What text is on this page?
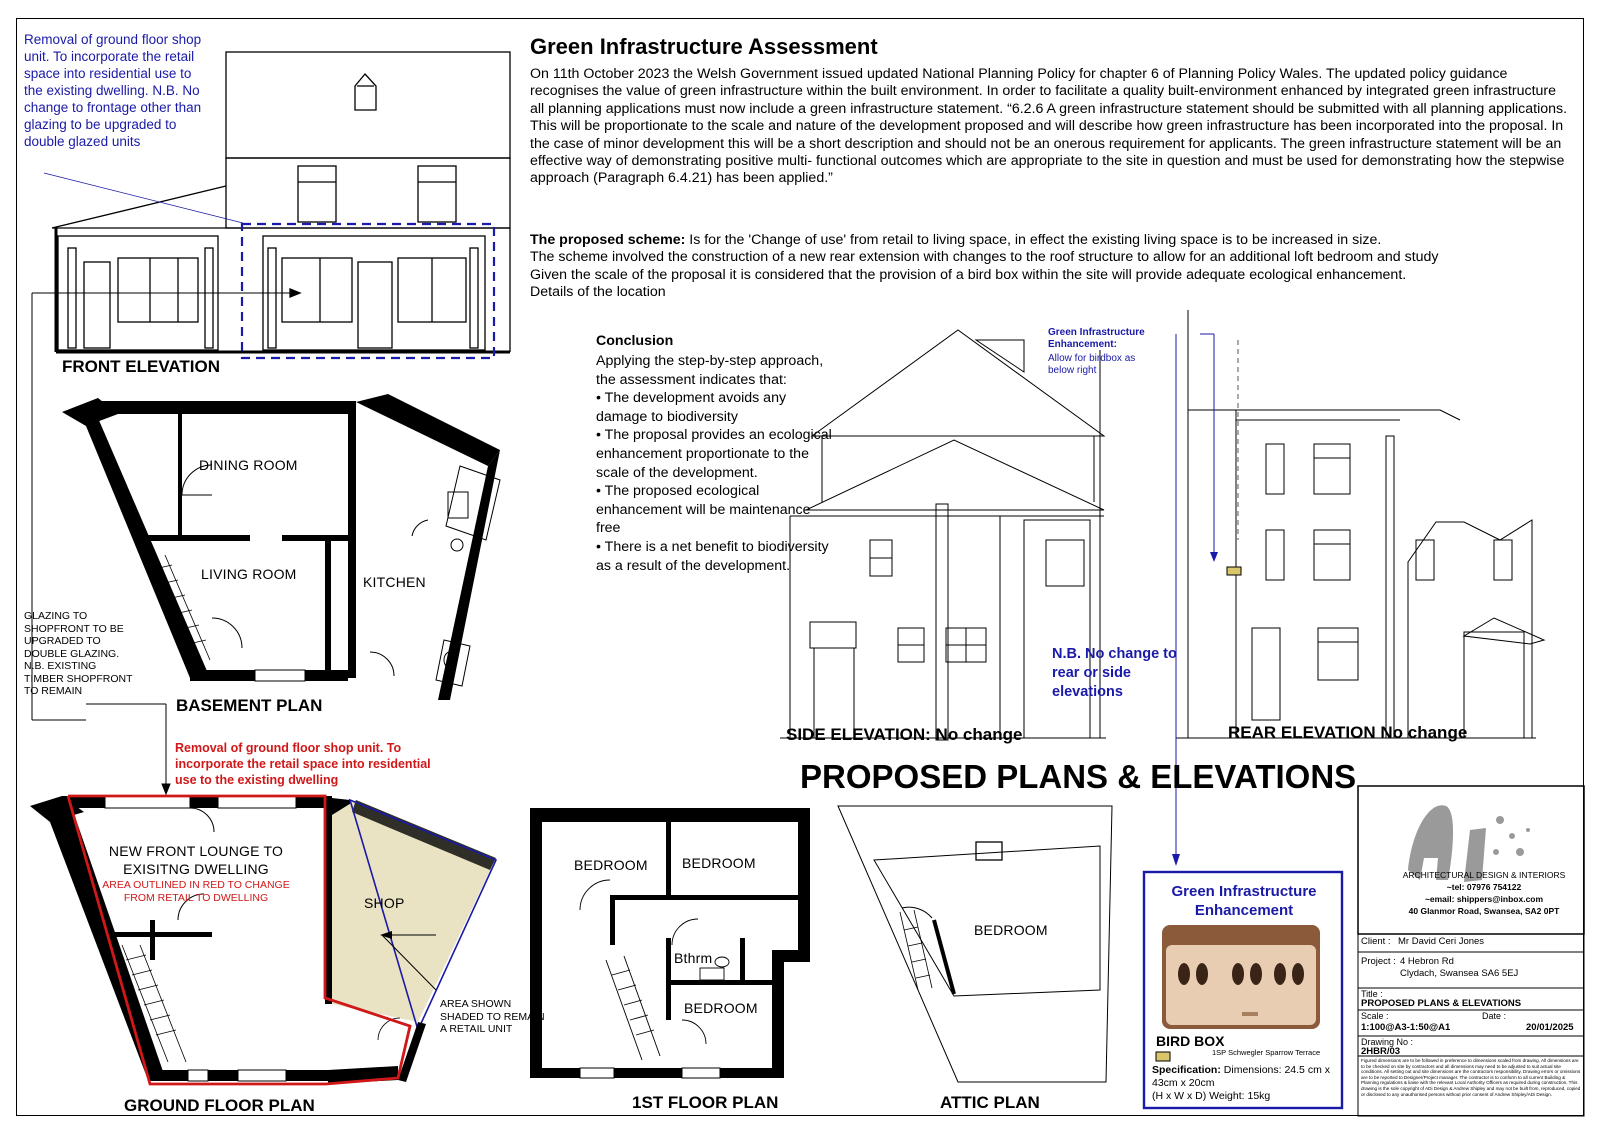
Removal of ground floor shop unit. To incorporate the retail space into residential use to the existing dwelling. N.B. No change to frontage other than glazing to be upgraded to double glazed units
Green Infrastructure Assessment
On 11th October 2023 the Welsh Government issued updated National Planning Policy for chapter 6 of Planning Policy Wales. The updated policy guidance recognises the value of green infrastructure within the built environment. In order to facilitate a quality built-environment enhanced by integrated green infrastructure all planning applications must now include a green infrastructure statement. “6.2.6 A green infrastructure statement should be submitted with all planning applications.
This will be proportionate to the scale and nature of the development proposed and will describe how green infrastructure has been incorporated into the proposal. In the case of minor development this will be a short description and should not be an onerous requirement for applicants. The green infrastructure statement will be an effective way of demonstrating positive multi- functional outcomes which are appropriate to the site in question and must be used for demonstrating how the stepwise approach (Paragraph 6.4.21) has been applied.”
The proposed scheme: Is for the 'Change of use' from retail to living space, in effect the existing living space is to be increased in size.
The scheme involved the construction of a new rear extension with changes to the roof structure to allow for an additional loft bedroom and study
Given the scale of the proposal it is considered that the provision of a bird box within the site will provide adequate ecological enhancement.
Details of the location
Conclusion
Applying the step-by-step approach, the assessment indicates that:
• The development avoids any damage to biodiversity
• The proposal provides an ecological enhancement proportionate to the scale of the development.
• The proposed ecological enhancement will be maintenance free
• There is a net benefit to biodiversity as a result of the development.
FRONT ELEVATION
BASEMENT PLAN
GROUND FLOOR PLAN	1ST FLOOR PLAN	ATTIC PLAN
SIDE ELEVATION: No change	REAR ELEVATION No change
PROPOSED PLANS & ELEVATIONS
DINING ROOM
LIVING ROOM	KITCHEN
NEW FRONT LOUNGE TO EXISITNG DWELLING
AREA OUTLINED IN RED TO CHANGE FROM RETAIL TO DWELLING	SHOP
AREA SHOWN SHADED TO REMAIN A RETAIL UNIT
GLAZING TO SHOPFRONT TO BE UPGRADED TO DOUBLE GLAZING. N.B. EXISTING TIMBER SHOPFRONT TO REMAIN
Removal of ground floor shop unit. To incorporate the retail space into residential use to the existing dwelling
BEDROOM BEDROOM
Bthrm
BEDROOM
BEDROOM
Green Infrastructure Enhancement:
Allow for birdbox as below right
N.B. No change to rear or side elevations
Green Infrastructure Enhancement
BIRD BOX
1SP Schwegler Sparrow Terrace
Specification: Dimensions: 24.5 cm x 43cm x 20cm
(H x W x D) Weight: 15kg
ARCHITECTURAL DESIGN & INTERIORS
~tel: 07976 754122
~email: shippers@inbox.com
40 Glanmor Road, Swansea, SA2 0PT
ADi
Client : Mr David Ceri Jones
Project : 4 Hebron Rd
Clydach, Swansea SA6 5EJ
Title :
PROPOSED PLANS & ELEVATIONS
Scale :	Date :
1:100@A3-1:50@A1	20/01/2025
Drawing No :
2HBR/03
Figured dimensions are to be followed in preference to dimensions scaled from drawing. All dimensions are to be checked on site by contractors and all dimensions may need to be adjusted to suit actual site conditions. All setting out and site dimensions are the contractors responsibility. Drawing errors or omissions are to be reported to Designer/Project manager. The contractor is to conform to all current Building & Planning regulations & liaise with the relevant Local Authority Officers as required during construction. This drawing is the sole copyright of ADi Design & Andrew Shipley and may not be built from, reproduced, copied or disclosed to any unauthorised persons without prior consent of Andrew Shipley/ADi Design.
